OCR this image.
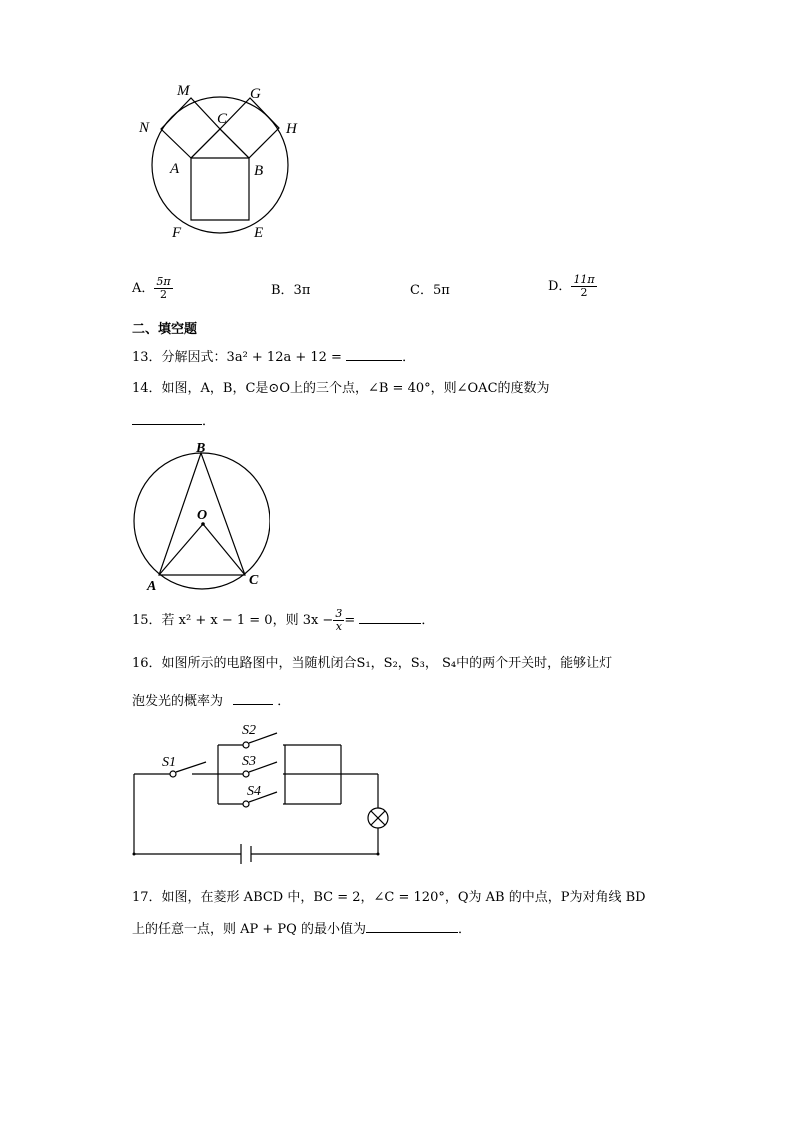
M	G
C
N	H
A	B
F	E
A． $\frac{5\pi}{2}$	B．3π	C．5π	D． $\frac{11\pi}{2}$
二、填空题
13．分解因式：3a² + 12a + 12 =	．
14．如图，A，B，C是⊙O上的三个点，∠B = 40°，则∠OAC的度数为
．
B
O
A	C
15．若 x² + x − 1 = 0，则 $3x - \frac{3}{x}$ =	．
16．如图所示的电路图中，当随机闭合S₁，S₂，S₃， S₄中的两个开关时，能够让灯
泡发光的概率为	．
S1
S2
S3
S4
17．如图，在菱形 ABCD 中，BC = 2，∠C = 120°，Q为 AB 的中点，P为对角线 BD
上的任意一点，则 AP + PQ 的最小值为	．
